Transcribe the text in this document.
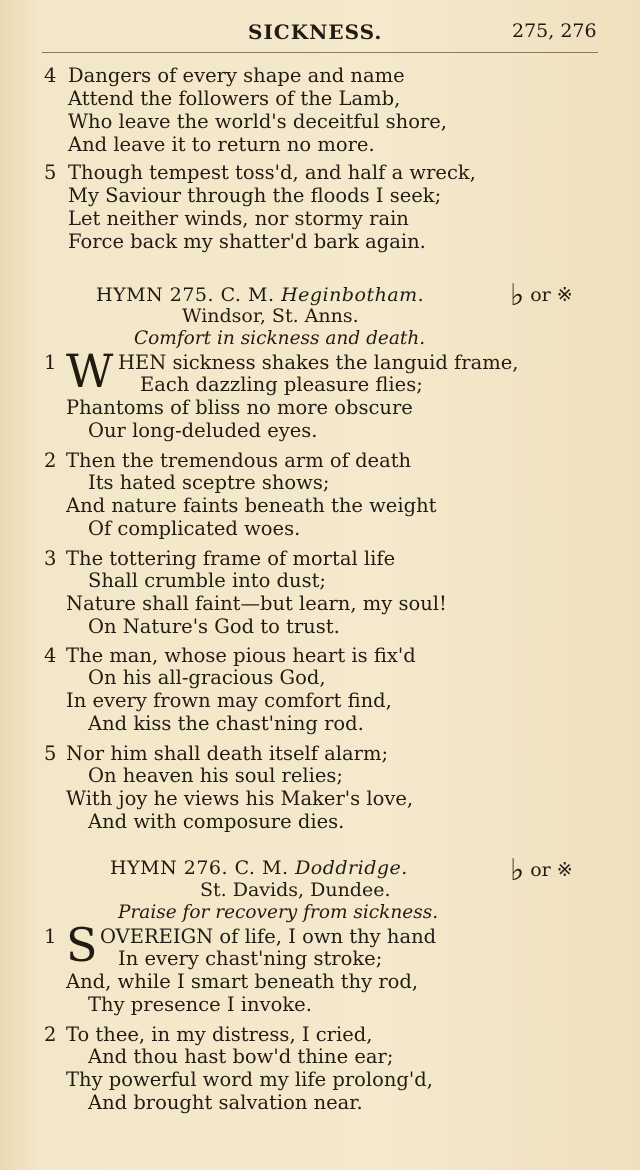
SICKNESS.	275, 276
4 Dangers of every shape and name
Attend the followers of the Lamb,
Who leave the world's deceitful shore,
And leave it to return no more.
5 Though tempest toss'd, and half a wreck,
My Saviour through the floods I seek;
Let neither winds, nor stormy rain
Force back my shatter'd bark again.
HYMN 275. C. M. Heginbotham.	♭ or ※
Windsor, St. Anns.
Comfort in sickness and death.
1 W HEN sickness shakes the languid frame,
Each dazzling pleasure flies;
Phantoms of bliss no more obscure
Our long-deluded eyes.
2 Then the tremendous arm of death
Its hated sceptre shows;
And nature faints beneath the weight
Of complicated woes.
3 The tottering frame of mortal life
Shall crumble into dust;
Nature shall faint—but learn, my soul!
On Nature's God to trust.
4 The man, whose pious heart is fix'd
On his all-gracious God,
In every frown may comfort find,
And kiss the chast'ning rod.
5 Nor him shall death itself alarm;
On heaven his soul relies;
With joy he views his Maker's love,
And with composure dies.
HYMN 276. C. M. Doddridge.	♭ or ※
St. Davids, Dundee.
Praise for recovery from sickness.
1 S OVEREIGN of life, I own thy hand
In every chast'ning stroke;
And, while I smart beneath thy rod,
Thy presence I invoke.
2 To thee, in my distress, I cried,
And thou hast bow'd thine ear;
Thy powerful word my life prolong'd,
And brought salvation near.
